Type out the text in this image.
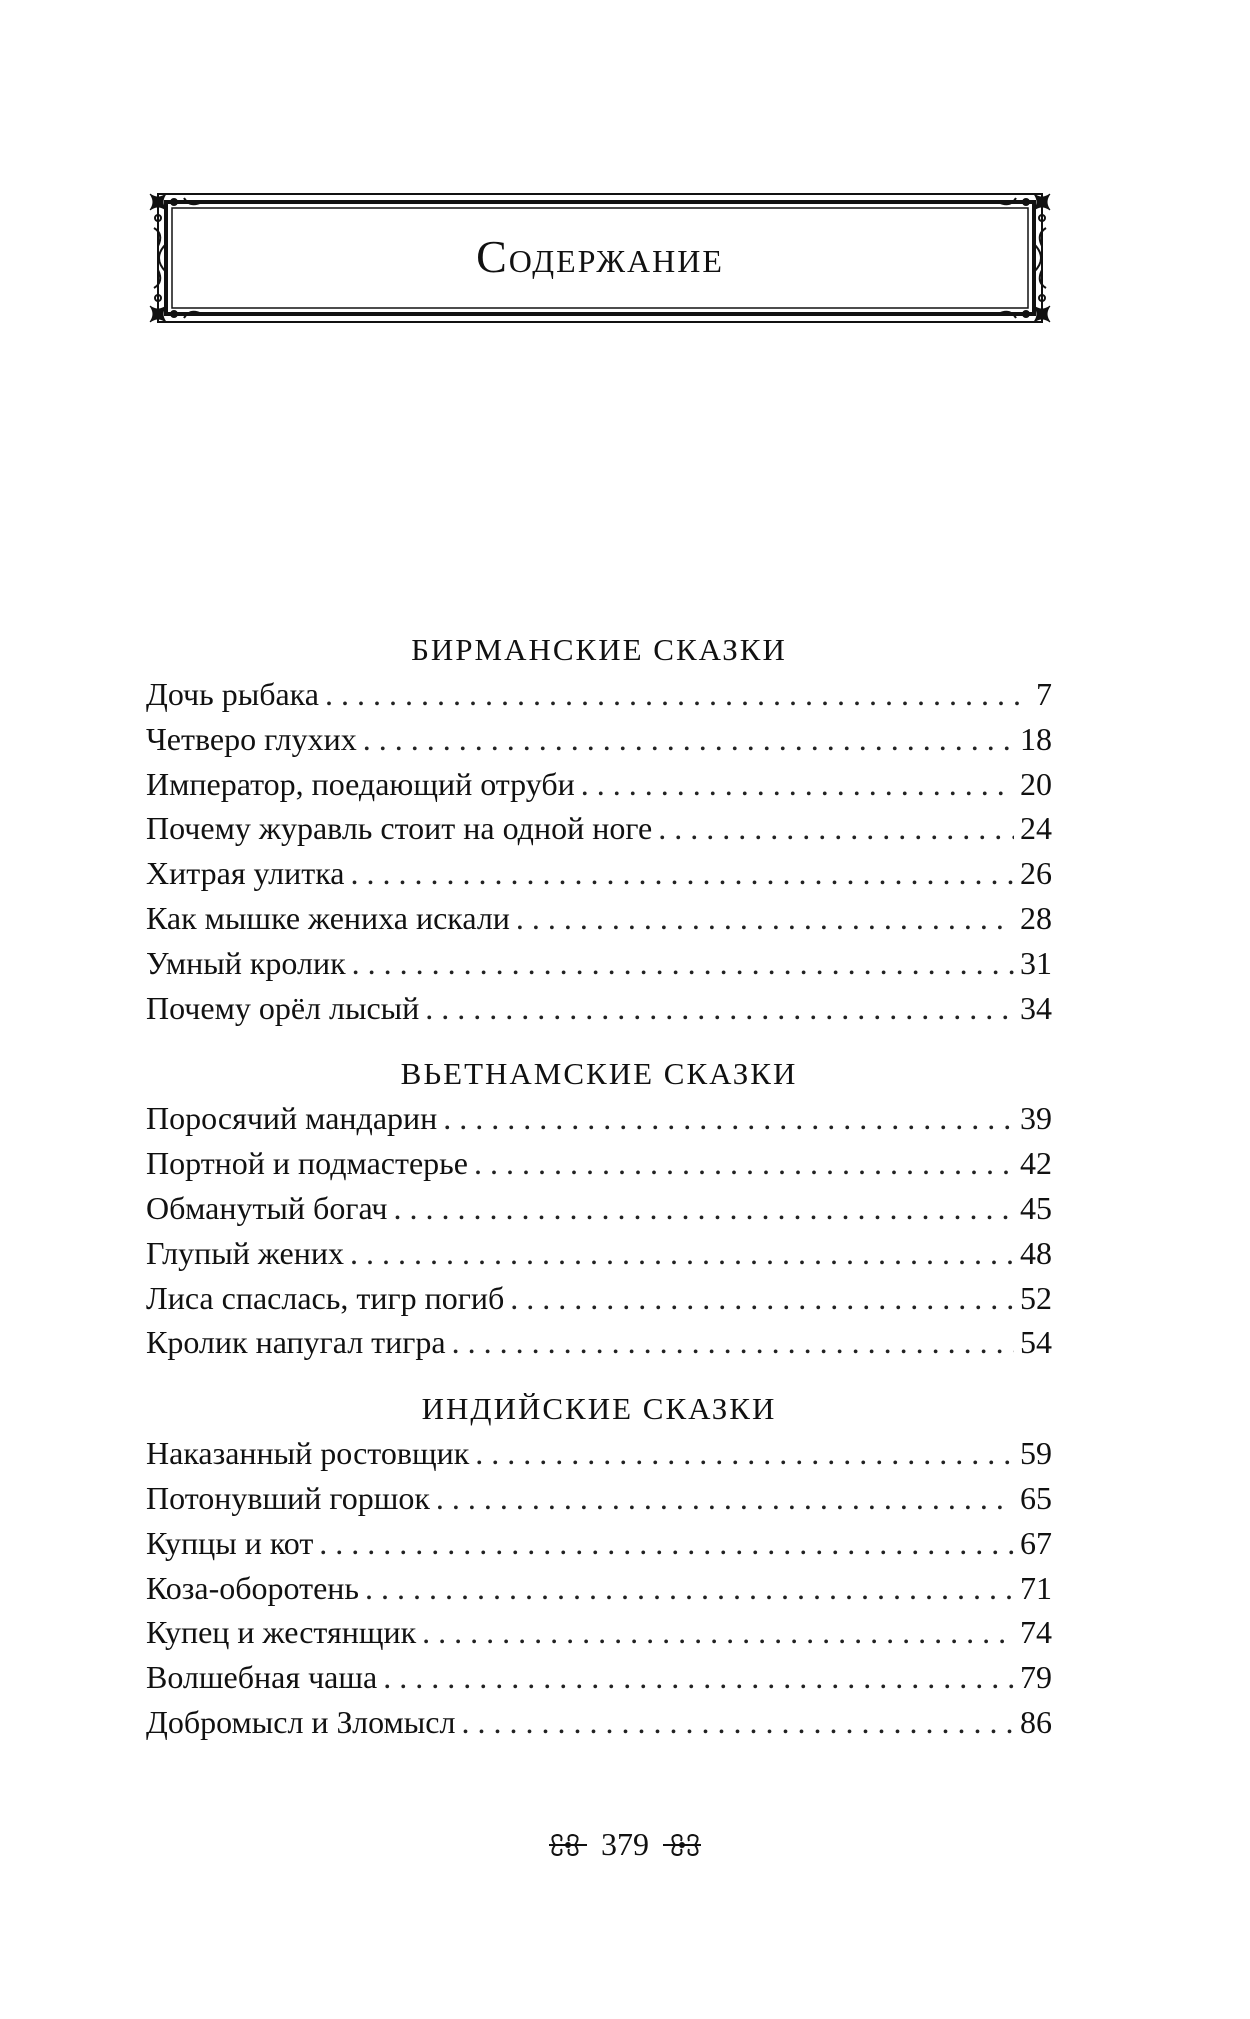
Содержание
БИРМАНСКИЕ СКАЗКИ
Дочь рыбака . . .	7
Четверо глухих . . .	18
Император, поедающий отруби . . .	20
Почему журавль стоит на одной ноге . . .	24
Хитрая улитка . . .	26
Как мышке жениха искали . . .	28
Умный кролик . . .	31
Почему орёл лысый . . .	34
ВЬЕТНАМСКИЕ СКАЗКИ
Поросячий мандарин . . .	39
Портной и подмастерье . . .	42
Обманутый богач . . .	45
Глупый жених . . .	48
Лиса спаслась, тигр погиб . . .	52
Кролик напугал тигра . . .	54
ИНДИЙСКИЕ СКАЗКИ
Наказанный ростовщик . . .	59
Потонувший горшок . . .	65
Купцы и кот . . .	67
Коза-оборотень . . .	71
Купец и жестянщик . . .	74
Волшебная чаша . . .	79
Добромысл и Зломысл . . .	86
379
